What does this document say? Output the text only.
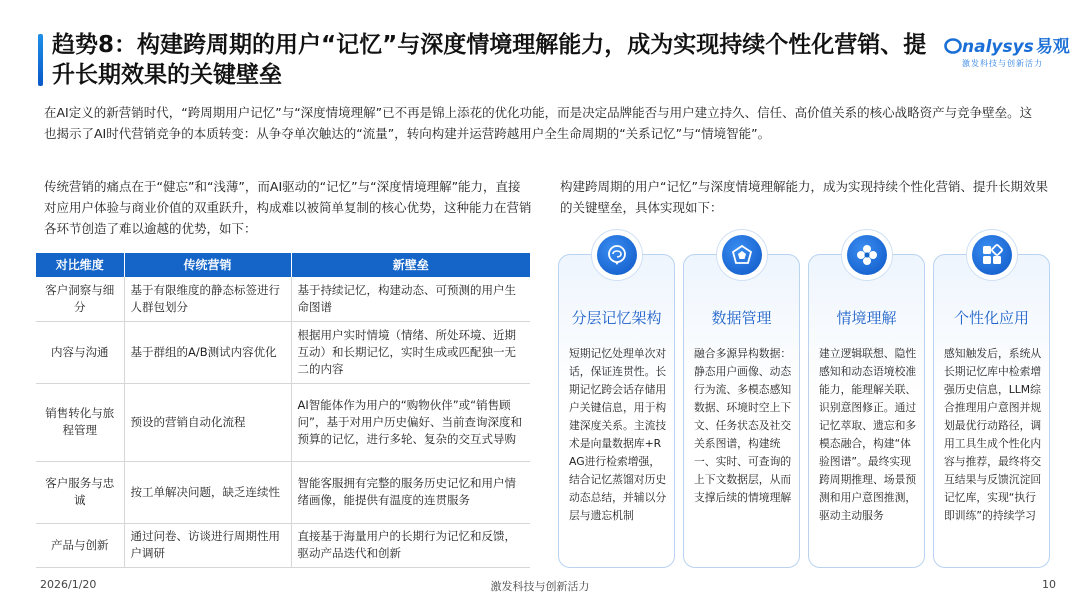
趋势8：构建跨周期的用户“记忆”与深度情境理解能力，成为实现持续个性化营销、提升长期效果的关键壁垒
nalysys 易观
激发科技与创新活力
在AI定义的新营销时代，“跨周期用户记忆”与“深度情境理解”已不再是锦上添花的优化功能，而是决定品牌能否与用户建立持久、信任、高价值关系的核心战略资产与竞争壁垒。这也揭示了AI时代营销竞争的本质转变：从争夺单次触达的“流量”，转向构建并运营跨越用户全生命周期的“关系记忆”与“情境智能”。
传统营销的痛点在于“健忘”和“浅薄”，而AI驱动的“记忆”与“深度情境理解”能力，直接对应用户体验与商业价值的双重跃升，构成难以被简单复制的核心优势，这种能力在营销各环节创造了难以逾越的优势，如下：
构建跨周期的用户“记忆”与深度情境理解能力，成为实现持续个性化营销、提升长期效果的关键壁垒，具体实现如下：
对比维度	传统营销	新壁垒
客户洞察与细分	基于有限维度的静态标签进行人群包划分	基于持续记忆，构建动态、可预测的用户生命图谱
内容与沟通	基于群组的A/B测试内容优化	根据用户实时情境（情绪、所处环境、近期互动）和长期记忆，实时生成或匹配独一无二的内容
销售转化与旅程管理	预设的营销自动化流程	AI智能体作为用户的“购物伙伴”或“销售顾问”，基于对用户历史偏好、当前查询深度和预算的记忆，进行多轮、复杂的交互式导购
客户服务与忠诚	按工单解决问题，缺乏连续性	智能客服拥有完整的服务历史记忆和用户情绪画像，能提供有温度的连贯服务
产品与创新	通过问卷、访谈进行周期性用户调研	直接基于海量用户的长期行为记忆和反馈，驱动产品迭代和创新
分层记忆架构
短期记忆处理单次对话，保证连贯性。长期记忆跨会话存储用户关键信息，用于构建深度关系。主流技术是向量数据库+RAG进行检索增强，结合记忆蒸馏对历史动态总结，并辅以分层与遗忘机制
数据管理
融合多源异构数据：静态用户画像、动态行为流、多模态感知数据、环境时空上下文、任务状态及社交关系图谱，构建统一、实时、可查询的上下文数据层，从而支撑后续的情境理解
情境理解
建立逻辑联想、隐性感知和动态语境校准能力，能理解关联、识别意图修正。通过记忆萃取、遗忘和多模态融合，构建“体验图谱”。最终实现跨周期推理、场景预测和用户意图推测，驱动主动服务
个性化应用
感知触发后，系统从长期记忆库中检索增强历史信息，LLM综合推理用户意图并规划最优行动路径，调用工具生成个性化内容与推荐，最终将交互结果与反馈沉淀回记忆库，实现“执行即训练”的持续学习
2026/1/20	激发科技与创新活力	10
